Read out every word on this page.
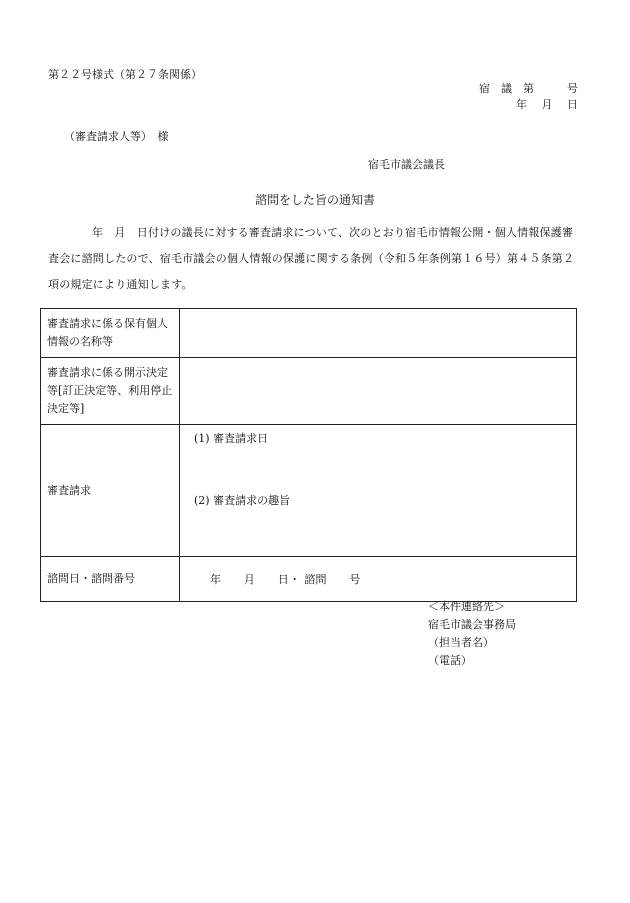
第２２号様式（第２７条関係）
宿　議　第　　　号
年　 月　 日
（審査請求人等）　様
宿毛市議会議長
諮問をした旨の通知書
年　月　日付けの議長に対する審査請求について、次のとおり宿毛市情報公開・個人情報保護審査会に諮問したので、宿毛市議会の個人情報の保護に関する条例（令和５年条例第１６号）第４５条第２項の規定により通知します。
審査請求に係る保有個人情報の名称等	
審査請求に係る開示決定等[訂正決定等、利用停止決定等]	
審査請求	(1) 審査請求日
(2) 審査請求の趣旨

諮問日・諮問番号	年　　月　　日・ 諮問　　号
＜本件連絡先＞
宿毛市議会事務局
（担当者名）
（電話）
